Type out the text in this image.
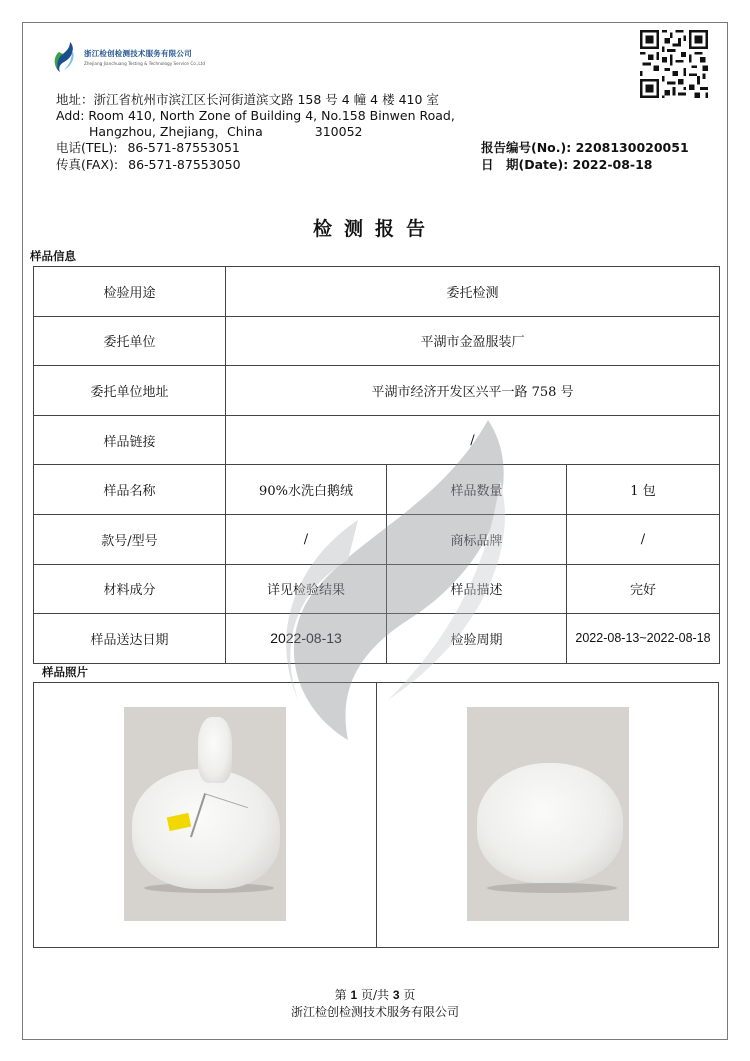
浙江检创检测技术服务有限公司
Zhejiang Jianchuang Testing & Technology Service Co.,Ltd
地址：浙江省杭州市滨江区长河街道滨文路 158 号 4 幢 4 楼 410 室
Add: Room 410, North Zone of Building 4, No.158 Binwen Road,
Hangzhou, Zhejiang，China	310052
电话(TEL): 86-571-87553051
传真(FAX): 86-571-87553050
报告编号(No.): 2208130020051
日　期(Date): 2022-08-18
检测报告
样品信息
检验用途	委托检测		
委托单位	平湖市金盈服装厂		
委托单位地址	平湖市经济开发区兴平一路 758 号		
样品链接	/		
样品名称	90%水洗白鹅绒	样品数量	1 包
款号/型号	/	商标品牌	/
材料成分	详见检验结果	样品描述	完好
样品送达日期	2022-08-13	检验周期	2022-08-13~2022-08-18
样品照片
第 1 页/共 3 页
浙江检创检测技术服务有限公司
